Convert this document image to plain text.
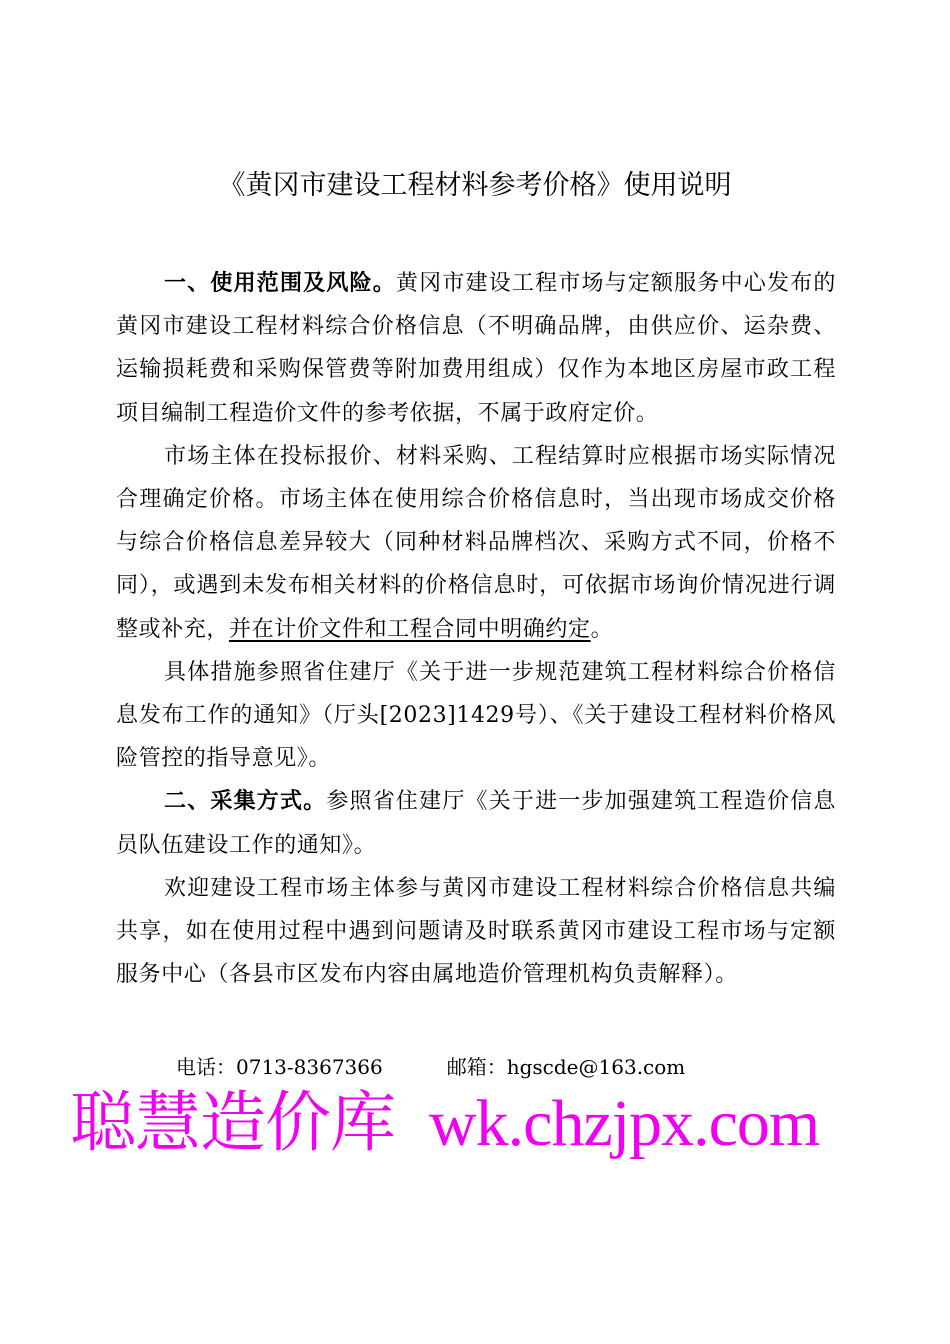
《黄冈市建设工程材料参考价格》使用说明

一、使用范围及风险。黄冈市建设工程市场与定额服务中心发布的黄冈市建设工程材料综合价格信息（不明确品牌，由供应价、运杂费、运输损耗费和采购保管费等附加费用组成）仅作为本地区房屋市政工程项目编制工程造价文件的参考依据，不属于政府定价。

市场主体在投标报价、材料采购、工程结算时应根据市场实际情况合理确定价格。市场主体在使用综合价格信息时，当出现市场成交价格与综合价格信息差异较大（同种材料品牌档次、采购方式不同，价格不同），或遇到未发布相关材料的价格信息时，可依据市场询价情况进行调整或补充，并在计价文件和工程合同中明确约定。

具体措施参照省住建厅《关于进一步规范建筑工程材料综合价格信息发布工作的通知》（厅头[2023]1429号）、《关于建设工程材料价格风险管控的指导意见》。

二、采集方式。参照省住建厅《关于进一步加强建筑工程造价信息员队伍建设工作的通知》。

欢迎建设工程市场主体参与黄冈市建设工程材料综合价格信息共编共享，如在使用过程中遇到问题请及时联系黄冈市建设工程市场与定额服务中心（各县市区发布内容由属地造价管理机构负责解释）。

电话：0713-8367366	邮箱：hgscde@163.com
聪慧造价库 wk.chzjpx.com
